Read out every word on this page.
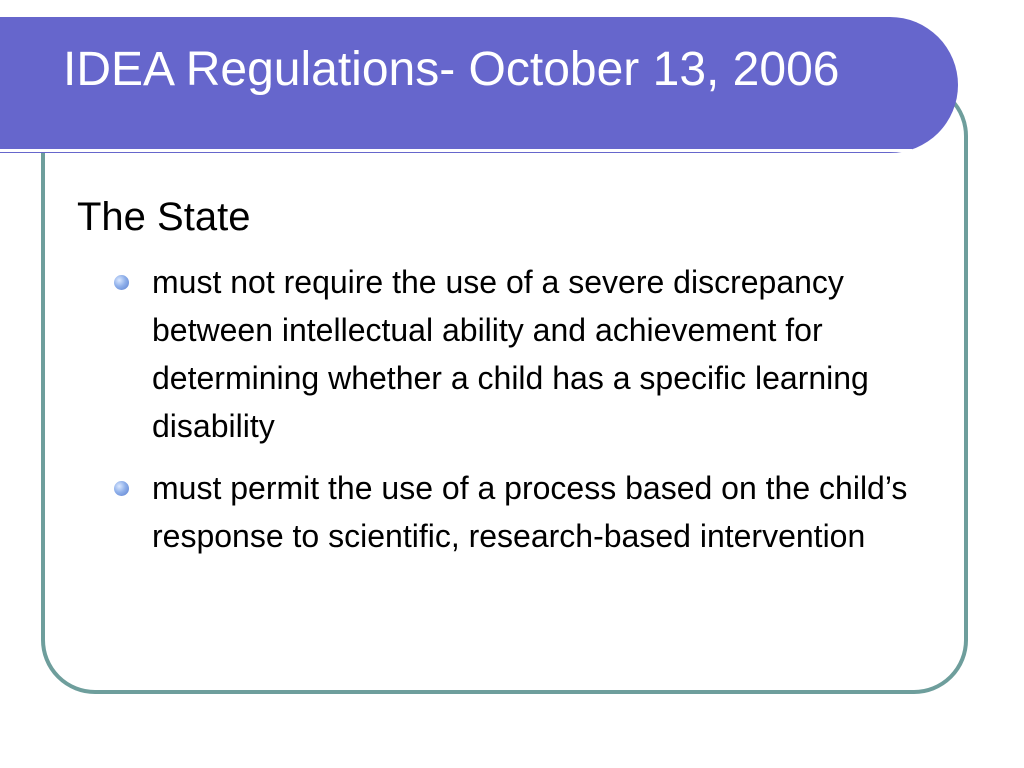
IDEA Regulations- October 13, 2006
The State
must not require the use of a severe discrepancy between intellectual ability and achievement for determining whether a child has a specific learning disability
must permit the use of a process based on the child’s response to scientific, research-based intervention
